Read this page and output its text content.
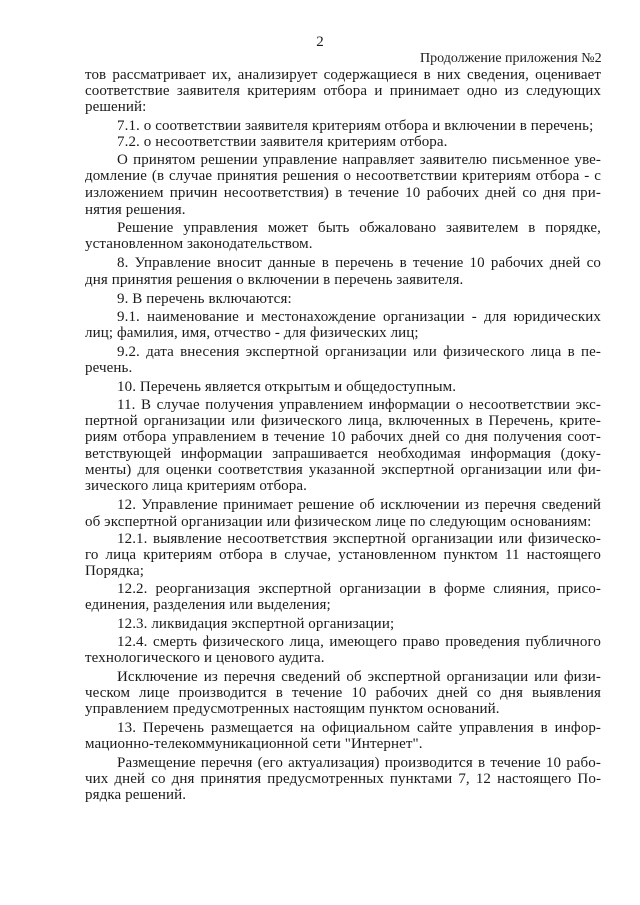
2
Продолжение приложения №2
тов рассматривает их, анализирует содержащиеся в них сведения, оценивает
соответствие заявителя критериям отбора и принимает одно из следующих
решений:
7.1. о соответствии заявителя критериям отбора и включении в перечень;
7.2. о несоответствии заявителя критериям отбора.
О принятом решении управление направляет заявителю письменное уве-
домление (в случае принятия решения о несоответствии критериям отбора - с
изложением причин несоответствия) в течение 10 рабочих дней со дня при-
нятия решения.
Решение управления может быть обжаловано заявителем в порядке,
установленном законодательством.
8. Управление вносит данные в перечень в течение 10 рабочих дней со
дня принятия решения о включении в перечень заявителя.
9. В перечень включаются:
9.1. наименование и местонахождение организации - для юридических
лиц; фамилия, имя, отчество - для физических лиц;
9.2. дата внесения экспертной организации или физического лица в пе-
речень.
10. Перечень является открытым и общедоступным.
11. В случае получения управлением информации о несоответствии экс-
пертной организации или физического лица, включенных в Перечень, крите-
риям отбора управлением в течение 10 рабочих дней со дня получения соот-
ветствующей информации запрашивается необходимая информация (доку-
менты) для оценки соответствия указанной экспертной организации или фи-
зического лица критериям отбора.
12. Управление принимает решение об исключении из перечня сведений
об экспертной организации или физическом лице по следующим основаниям:
12.1. выявление несоответствия экспертной организации или физическо-
го лица критериям отбора в случае, установленном пунктом 11 настоящего
Порядка;
12.2. реорганизация экспертной организации в форме слияния, присо-
единения, разделения или выделения;
12.3. ликвидация экспертной организации;
12.4. смерть физического лица, имеющего право проведения публичного
технологического и ценового аудита.
Исключение из перечня сведений об экспертной организации или физи-
ческом лице производится в течение 10 рабочих дней со дня выявления
управлением предусмотренных настоящим пунктом оснований.
13. Перечень размещается на официальном сайте управления в инфор-
мационно-телекоммуникационной сети "Интернет".
Размещение перечня (его актуализация) производится в течение 10 рабо-
чих дней со дня принятия предусмотренных пунктами 7, 12 настоящего По-
рядка решений.
